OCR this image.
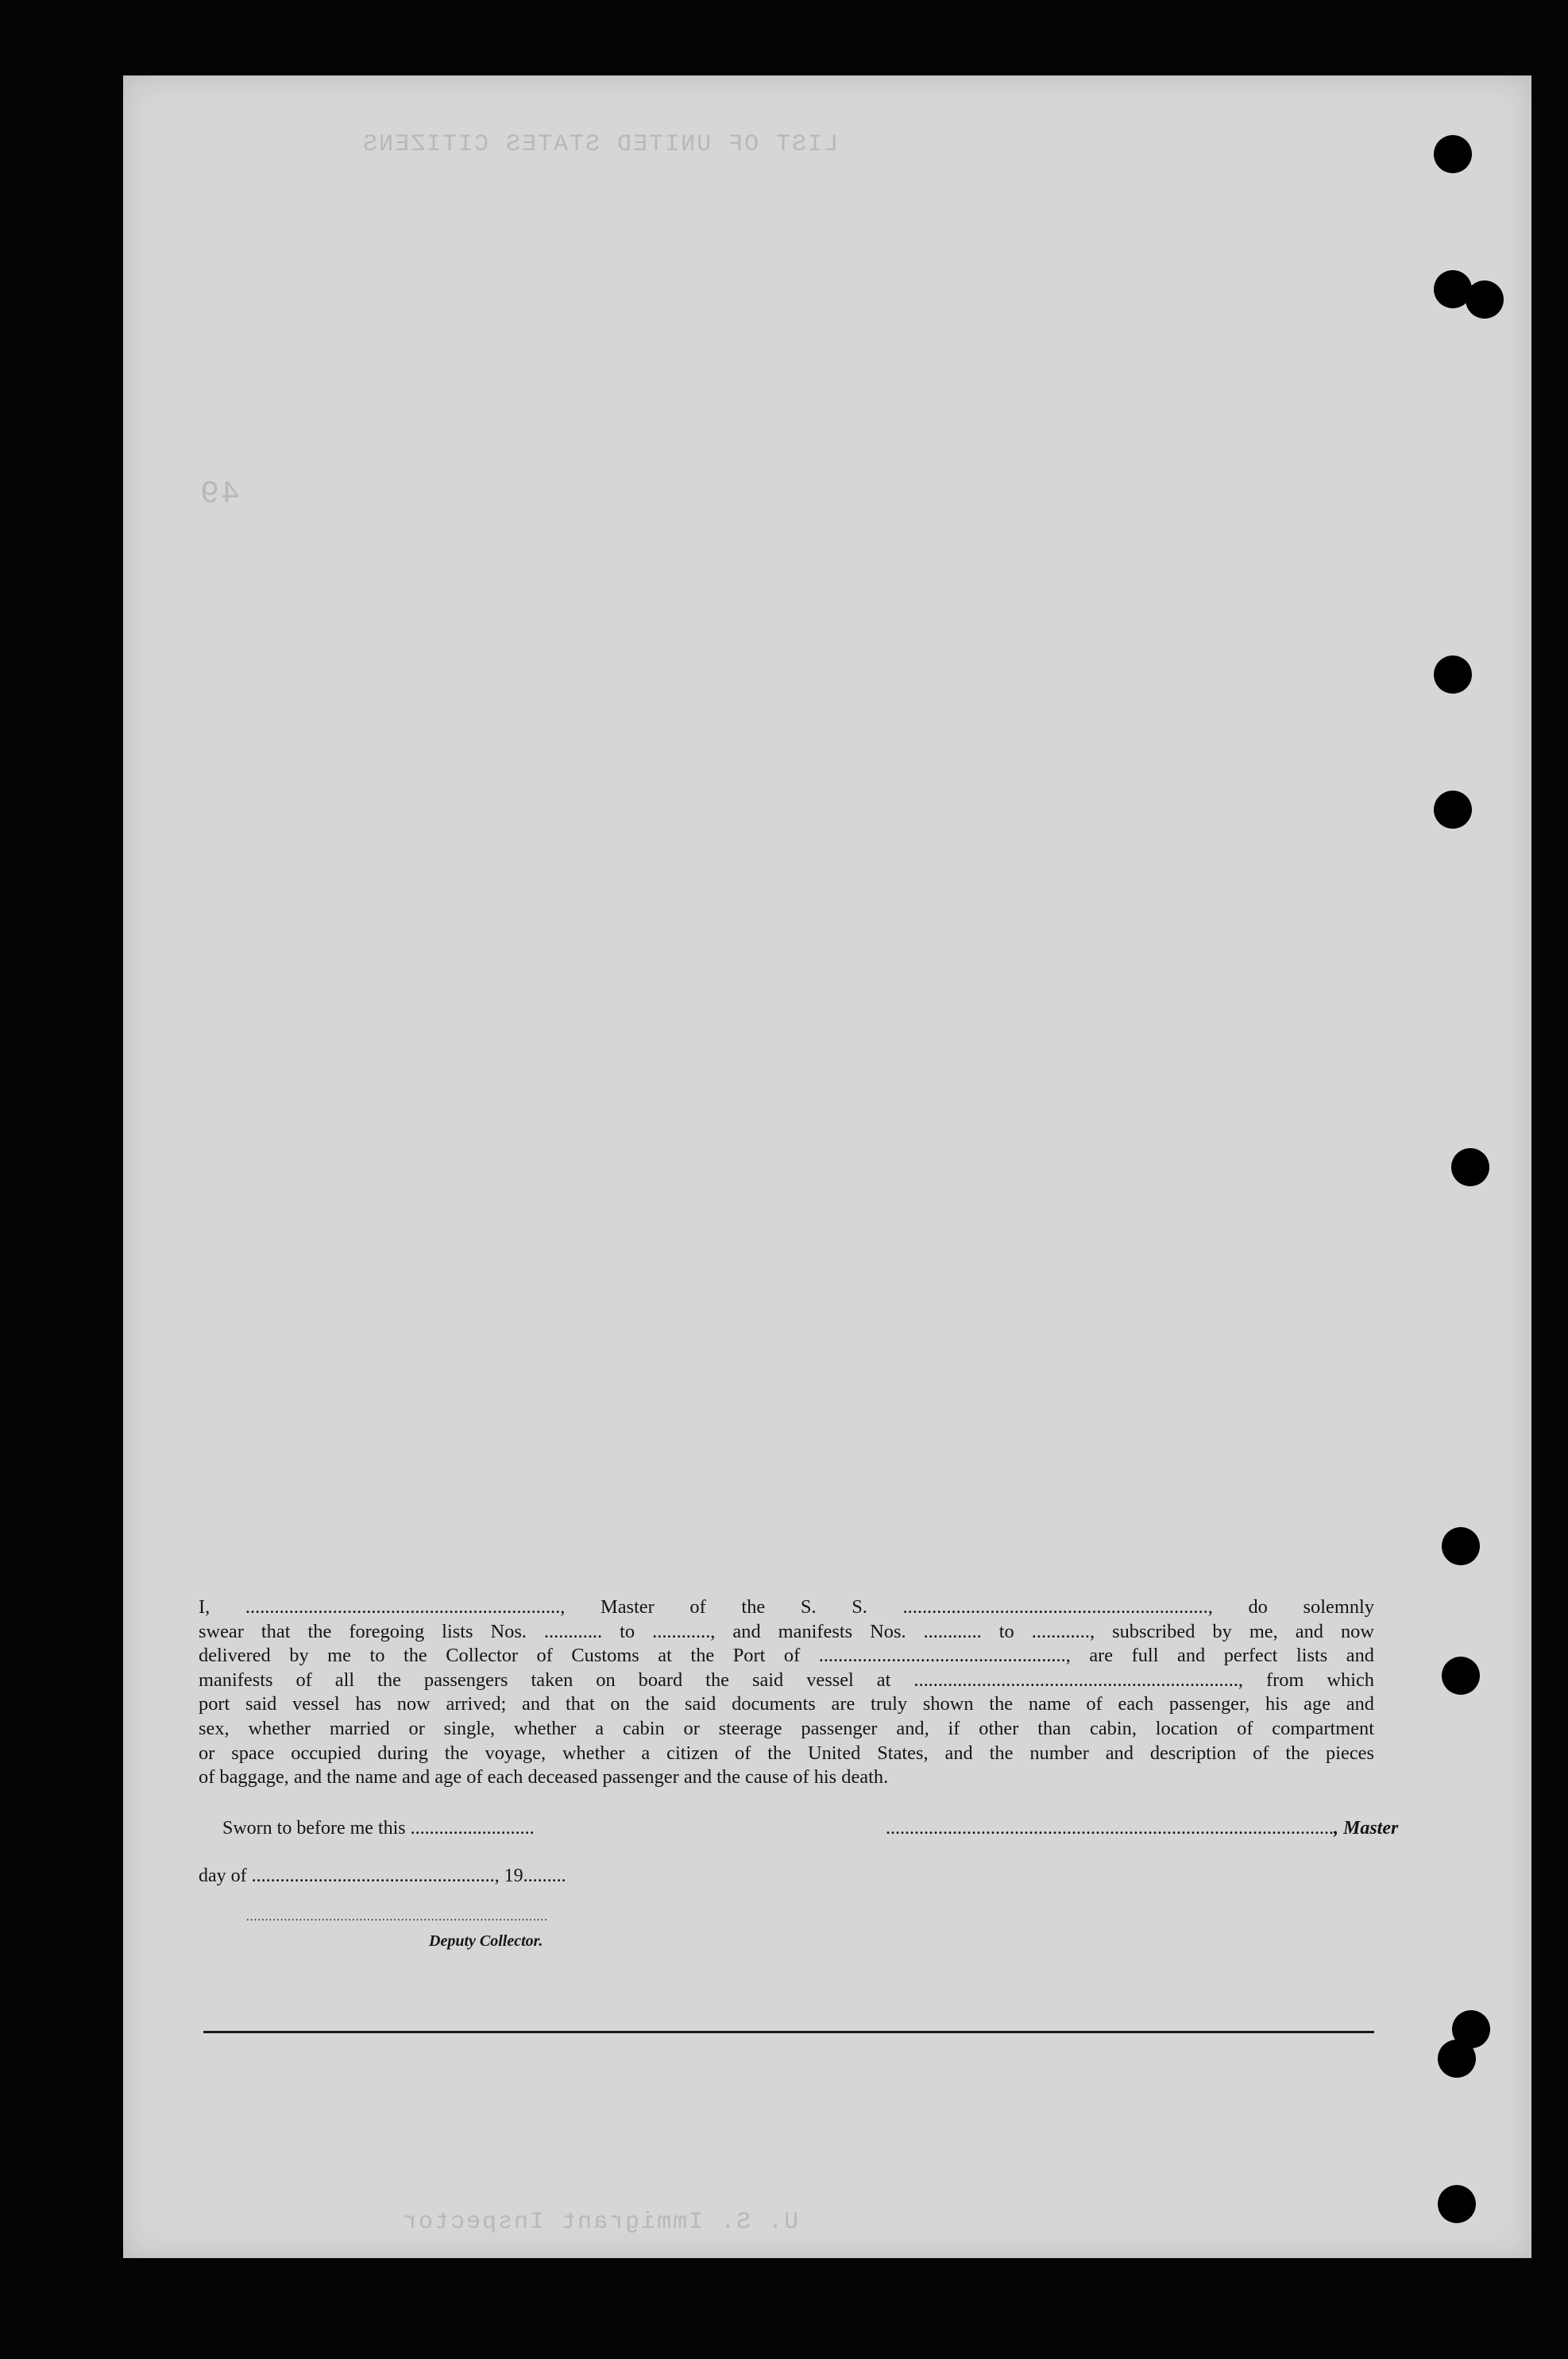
LIST OF UNITED STATES CITIZENS
49
U. S. Immigrant Inspector
I, ................................................................., Master of the S. S. ..............................................................., do solemnly
swear that the foregoing lists Nos. ............ to ............, and manifests Nos. ............ to ............, subscribed by me, and now
delivered by me to the Collector of Customs at the Port of ..................................................., are full and perfect lists and
manifests of all the passengers taken on board the said vessel at ..................................................................., from which
port said vessel has now arrived; and that on the said documents are truly shown the name of each passenger, his age and
sex, whether married or single, whether a cabin or steerage passenger and, if other than cabin, location of compartment
or space occupied during the voyage, whether a citizen of the United States, and the number and description of the pieces
of baggage, and the name and age of each deceased passenger and the cause of his death.
Sworn to before me this ..........................	.............................................................................................., Master
day of ..................................................., 19.........
................................................................................
Deputy Collector.
